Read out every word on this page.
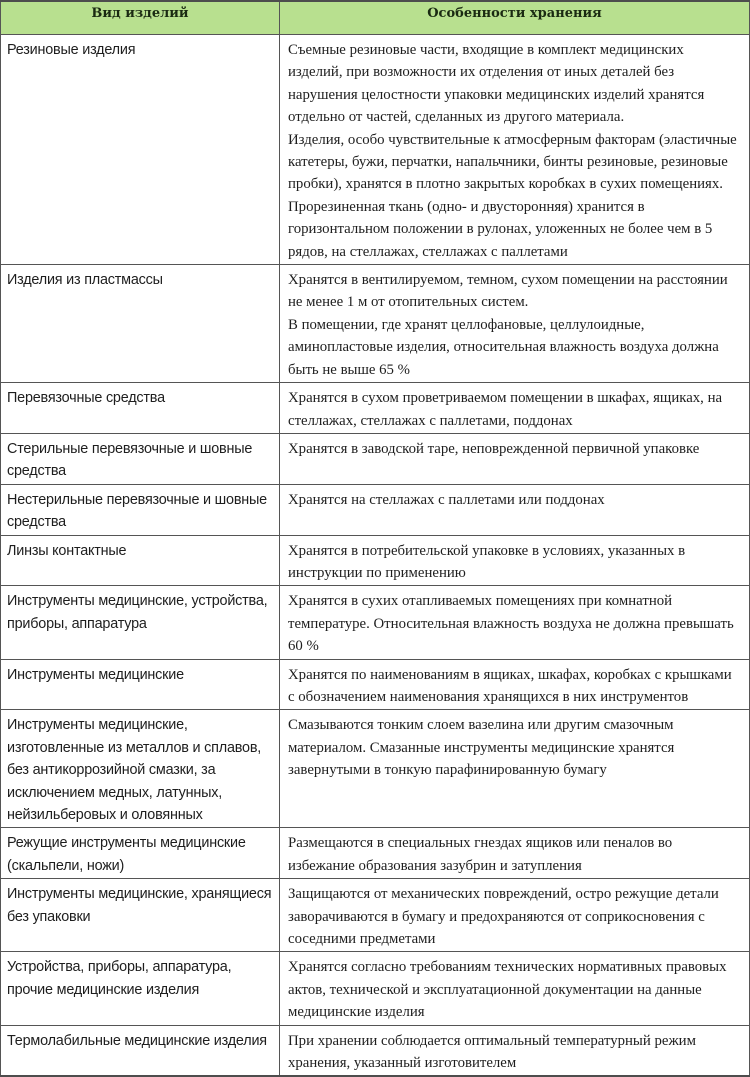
Вид изделий	Особенности хранения
Резиновые изделия	Съемные резиновые части, входящие в комплект медицинских изделий, при возможности их отделения от иных деталей без нарушения целостности упаковки медицинских изделий хранятся отдельно от частей, сделанных из другого материала.
Изделия, особо чувствительные к атмосферным факторам (эластичные катетеры, бужи, перчатки, напальчники, бинты резиновые, резиновые пробки), хранятся в плотно закрытых коробках в сухих помещениях.
Прорезиненная ткань (одно- и двусторонняя) хранится в горизонтальном положении в рулонах, уложенных не более чем в 5 рядов, на стеллажах, стеллажах с паллетами

Изделия из пластмассы	Хранятся в вентилируемом, темном, сухом помещении на расстоянии не менее 1 м от отопительных систем.
В помещении, где хранят целлофановые, целлулоидные, аминопластовые изделия, относительная влажность воздуха должна быть не выше 65 %

Перевязочные средства	Хранятся в сухом проветриваемом помещении в шкафах, ящиках, на стеллажах, стеллажах с паллетами, поддонах

Стерильные перевязочные и шовные средства	Хранятся в заводской таре, неповрежденной первичной упаковке

Нестерильные перевязочные и шовные средства	Хранятся на стеллажах с паллетами или поддонах

Линзы контактные	Хранятся в потребительской упаковке в условиях, указанных в инструкции по применению

Инструменты медицинские, устройства, приборы, аппаратура	Хранятся в сухих отапливаемых помещениях при комнатной температуре. Относительная влажность воздуха не должна превышать 60 %

Инструменты медицинские	Хранятся по наименованиям в ящиках, шкафах, коробках с крышками с обозначением наименования хранящихся в них инструментов

Инструменты медицинские, изготовленные из металлов и сплавов, без антикоррозийной смазки, за исключением медных, латунных, нейзильберовых и оловянных	Смазываются тонким слоем вазелина или другим смазочным материалом. Смазанные инструменты медицинские хранятся завернутыми в тонкую парафинированную бумагу

Режущие инструменты медицинские (скальпели, ножи)	Размещаются в специальных гнездах ящиков или пеналов во избежание образования зазубрин и затупления

Инструменты медицинские, хранящиеся без упаковки	Защищаются от механических повреждений, остро режущие детали заворачиваются в бумагу и предохраняются от соприкосновения с соседними предметами

Устройства, приборы, аппаратура, прочие медицинские изделия	Хранятся согласно требованиям технических нормативных правовых актов, технической и эксплуатационной документации на данные медицинские изделия

Термолабильные медицинские изделия	При хранении соблюдается оптимальный температурный режим хранения, указанный изготовителем
